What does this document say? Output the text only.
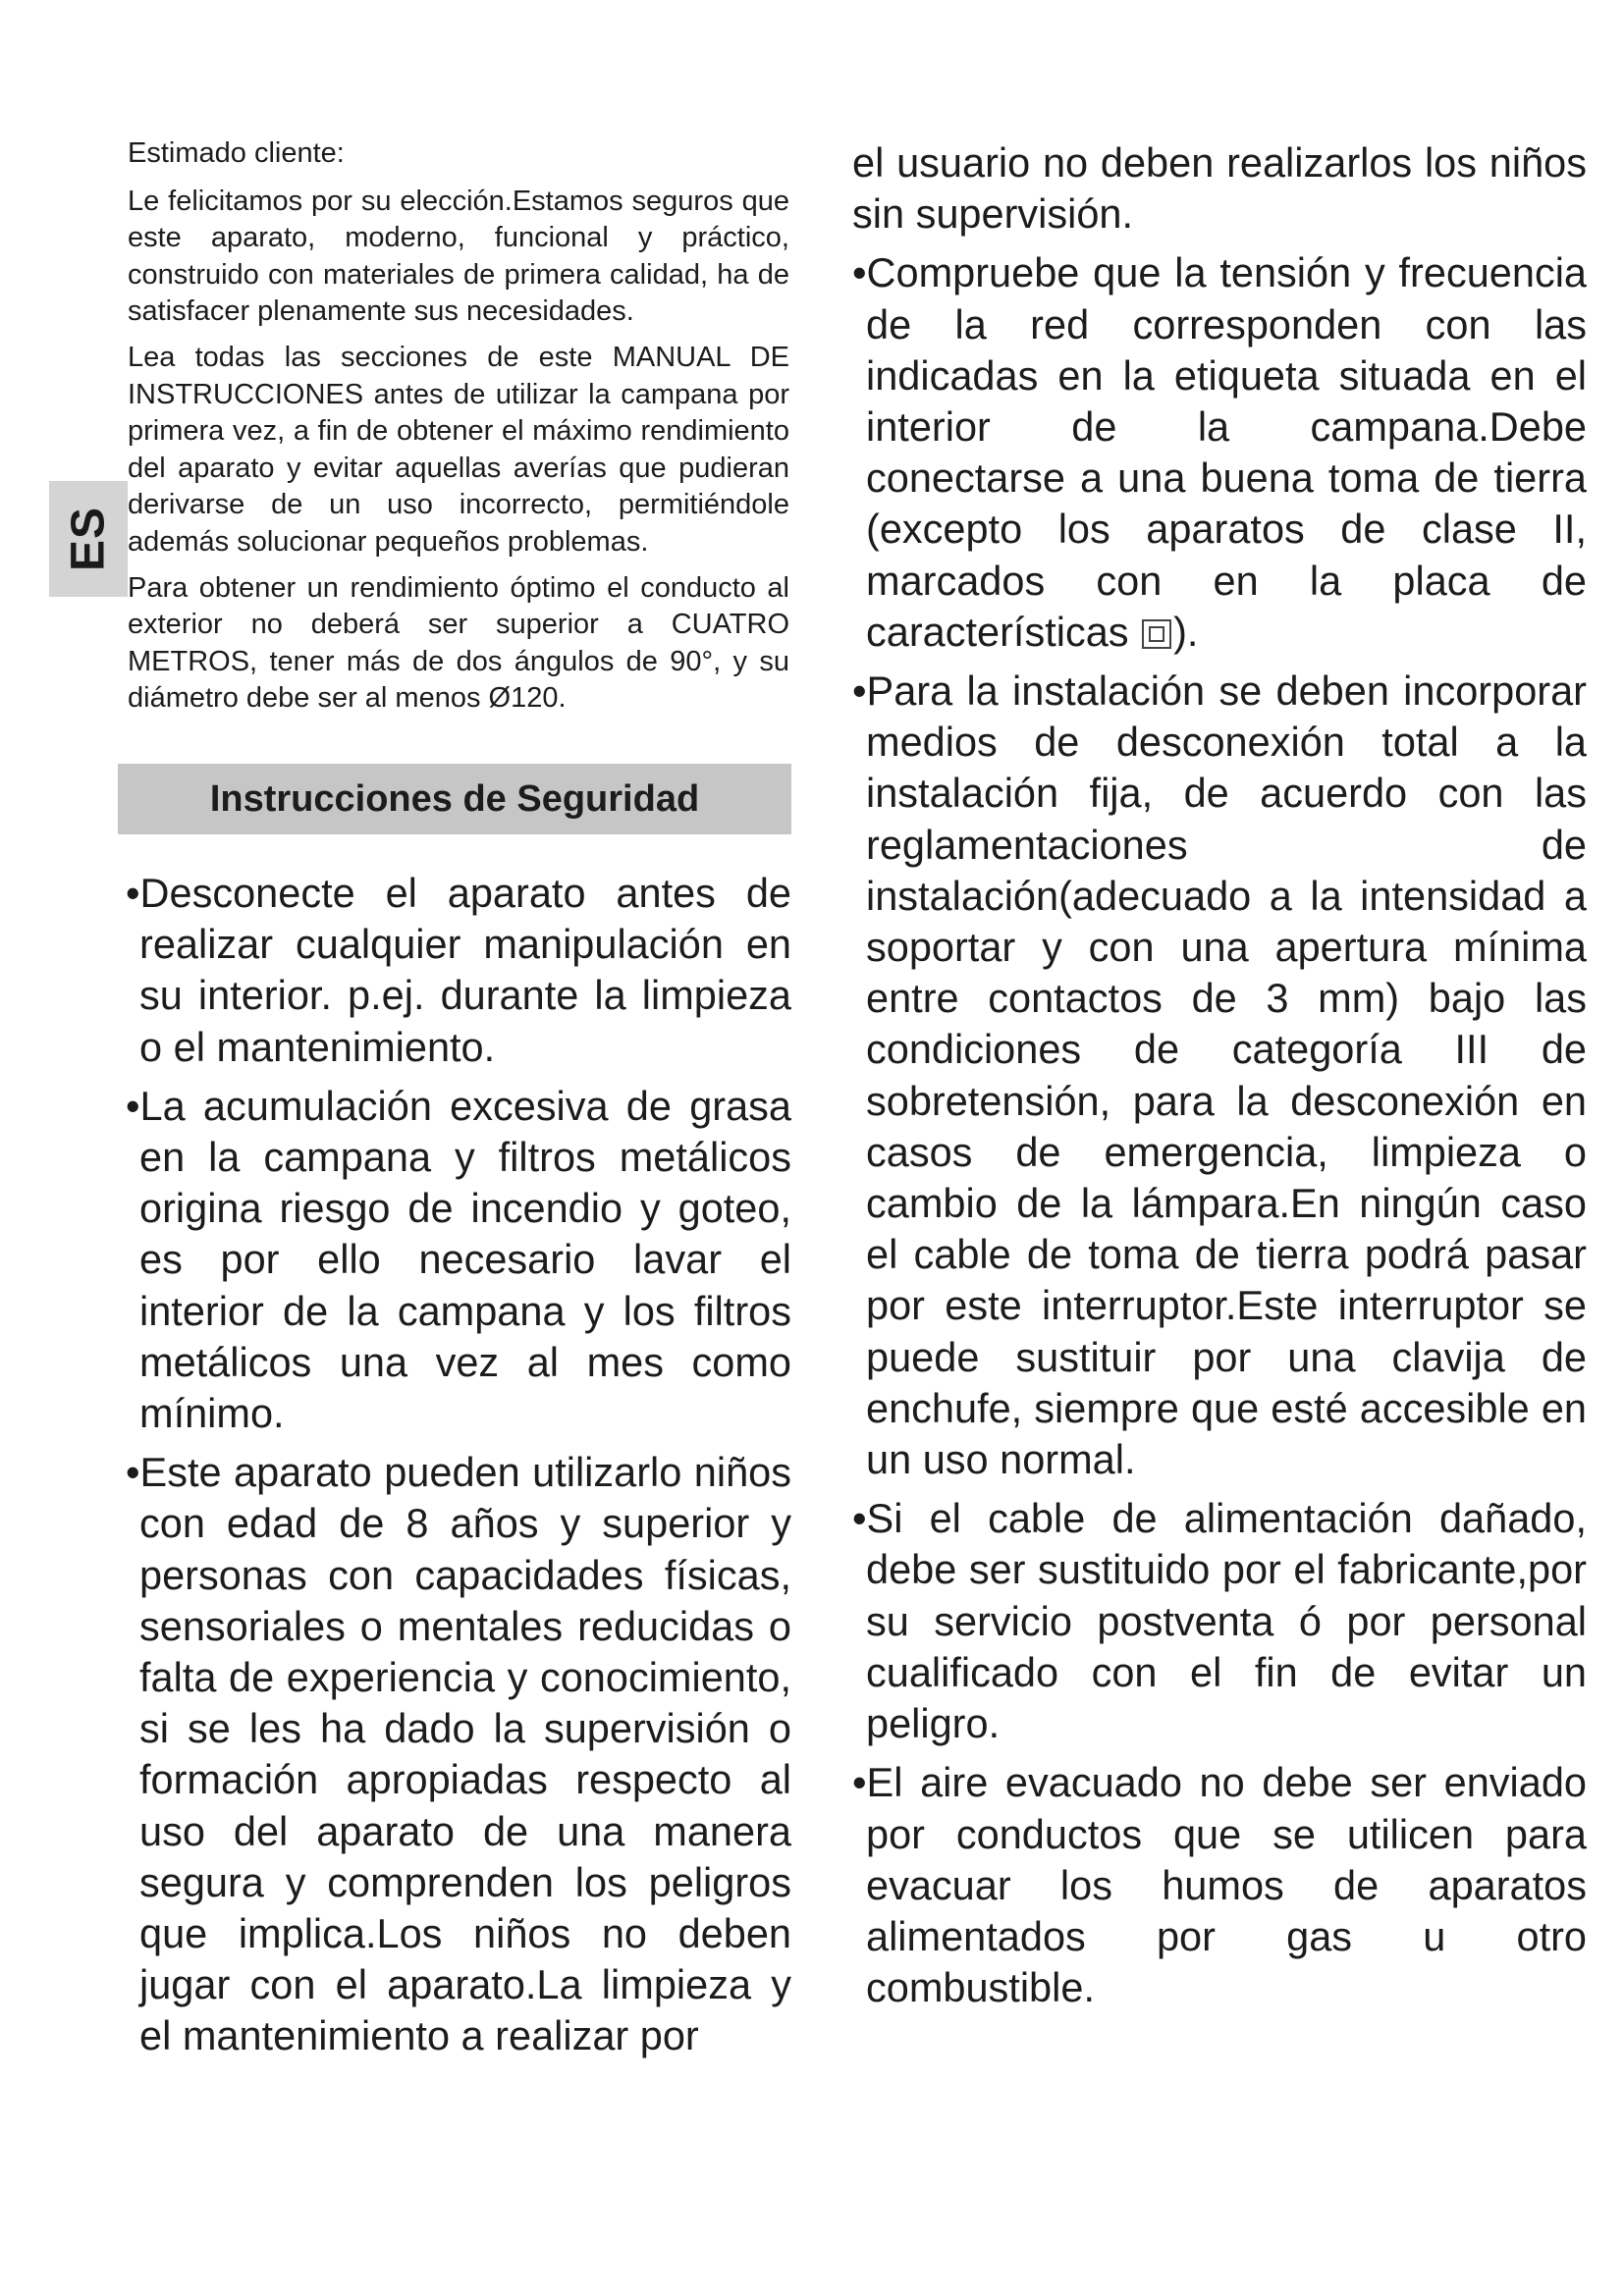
ES

Estimado cliente:

Le felicitamos por su elección.Estamos seguros que este aparato, moderno, funcional y práctico, construido con materiales de primera calidad, ha de satisfacer plenamente sus necesidades.

Lea todas las secciones de este MANUAL DE INSTRUCCIONES antes de utilizar la campana por primera vez, a fin de obtener el máximo rendimiento del aparato y evitar aquellas averías que pudieran derivarse de un uso incorrecto, permitiéndole además solucionar pequeños problemas.

Para obtener un rendimiento óptimo el conducto al exterior no deberá ser superior a CUATRO METROS, tener más de dos ángulos de 90°, y su diámetro debe ser al menos Ø120.

Instrucciones de Seguridad

•Desconecte el aparato antes de realizar cualquier manipulación en su interior. p.ej. durante la limpieza o el mantenimiento.

•La acumulación excesiva de grasa en la campana y filtros metálicos origina riesgo de incendio y goteo, es por ello necesario lavar el interior de la campana y los filtros metálicos una vez al mes como mínimo.

•Este aparato pueden utilizarlo niños con edad de 8 años y superior y personas con capacidades físicas, sensoriales o mentales reducidas o falta de experiencia y conocimiento, si se les ha dado la supervisión o formación apropiadas respecto al uso del aparato de una manera segura y comprenden los peligros que implica.Los niños no deben jugar con el aparato.La limpieza y el mantenimiento a realizar por

el usuario no deben realizarlos los niños sin supervisión.

•Compruebe que la tensión y frecuencia de la red corresponden con las indicadas en la etiqueta situada en el interior de la campana.Debe conectarse a una buena toma de tierra (excepto los aparatos de clase II, marcados con en la placa de características ).

•Para la instalación se deben incorporar medios de desconexión total a la instalación fija, de acuerdo con las reglamentaciones de instalación(adecuado a la intensidad a soportar y con una apertura mínima entre contactos de 3 mm) bajo las condiciones de categoría III de sobretensión, para la desconexión en casos de emergencia, limpieza o cambio de la lámpara.En ningún caso el cable de toma de tierra podrá pasar por este interruptor.Este interruptor se puede sustituir por una clavija de enchufe, siempre que esté accesible en un uso normal.

•Si el cable de alimentación dañado, debe ser sustituido por el fabricante,por su servicio postventa ó por personal cualificado con el fin de evitar un peligro.

•El aire evacuado no debe ser enviado por conductos que se utilicen para evacuar los humos de aparatos alimentados por gas u otro combustible.
